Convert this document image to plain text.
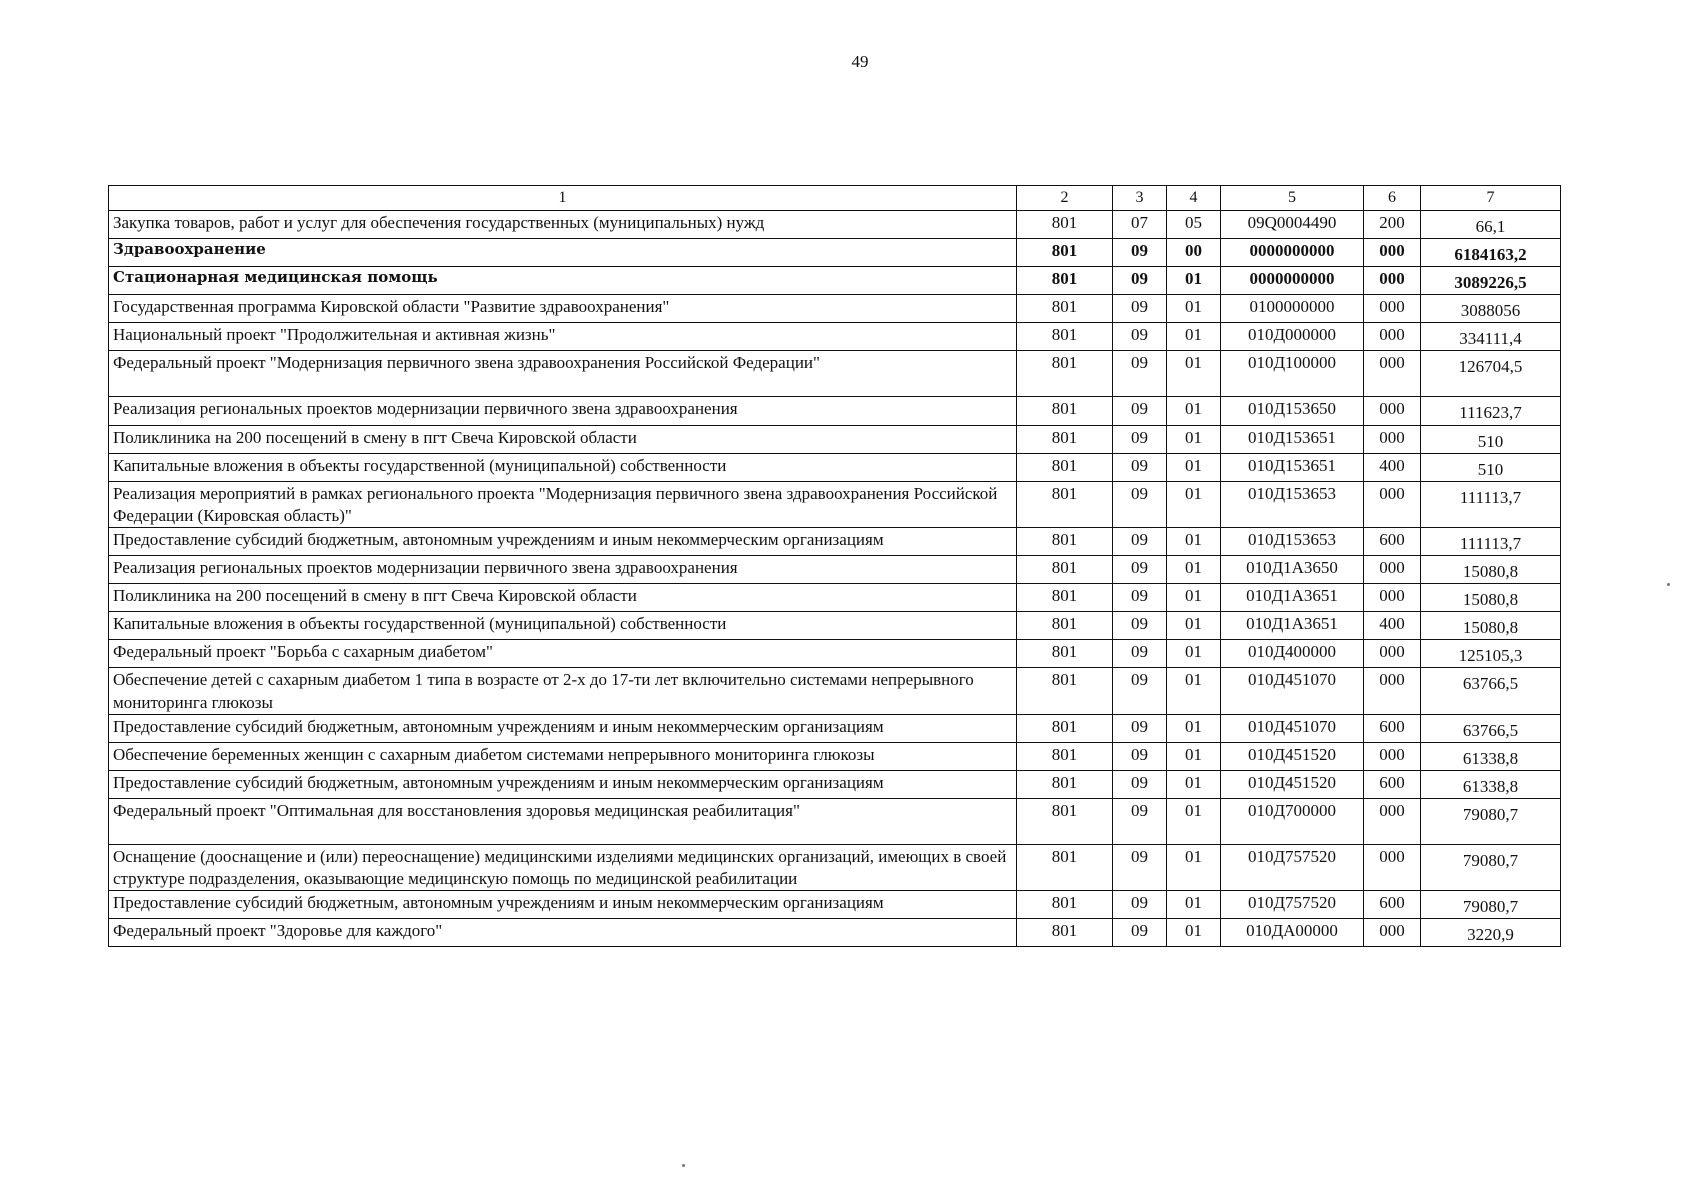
49
1	2	3	4	5	6	7
Закупка товаров, работ и услуг для обеспечения государственных (муниципальных) нужд	801	07	05	09Q0004490	200	66,1
Здравоохранение	801	09	00	0000000000	000	6184163,2
Стационарная медицинская помощь	801	09	01	0000000000	000	3089226,5
Государственная программа Кировской области "Развитие здравоохранения"	801	09	01	0100000000	000	3088056
Национальный проект "Продолжительная и активная жизнь"	801	09	01	010Д000000	000	334111,4
Федеральный проект "Модернизация первичного звена здравоохранения Российской Федерации"	801	09	01	010Д100000	000	126704,5
Реализация региональных проектов модернизации первичного звена здравоохранения	801	09	01	010Д153650	000	111623,7
Поликлиника на 200 посещений в смену в пгт Свеча Кировской области	801	09	01	010Д153651	000	510
Капитальные вложения в объекты государственной (муниципальной) собственности	801	09	01	010Д153651	400	510
Реализация мероприятий в рамках регионального проекта "Модернизация первичного звена здравоохранения Российской Федерации (Кировская область)"	801	09	01	010Д153653	000	111113,7
Предоставление субсидий бюджетным, автономным учреждениям и иным некоммерческим организациям	801	09	01	010Д153653	600	111113,7
Реализация региональных проектов модернизации первичного звена здравоохранения	801	09	01	010Д1А3650	000	15080,8
Поликлиника на 200 посещений в смену в пгт Свеча Кировской области	801	09	01	010Д1А3651	000	15080,8
Капитальные вложения в объекты государственной (муниципальной) собственности	801	09	01	010Д1А3651	400	15080,8
Федеральный проект "Борьба с сахарным диабетом"	801	09	01	010Д400000	000	125105,3
Обеспечение детей с сахарным диабетом 1 типа в возрасте от 2-х до 17-ти лет включительно системами непрерывного мониторинга глюкозы	801	09	01	010Д451070	000	63766,5
Предоставление субсидий бюджетным, автономным учреждениям и иным некоммерческим организациям	801	09	01	010Д451070	600	63766,5
Обеспечение беременных женщин с сахарным диабетом системами непрерывного мониторинга глюкозы	801	09	01	010Д451520	000	61338,8
Предоставление субсидий бюджетным, автономным учреждениям и иным некоммерческим организациям	801	09	01	010Д451520	600	61338,8
Федеральный проект "Оптимальная для восстановления здоровья медицинская реабилитация"	801	09	01	010Д700000	000	79080,7
Оснащение (дооснащение и (или) переоснащение) медицинскими изделиями медицинских организаций, имеющих в своей структуре подразделения, оказывающие медицинскую помощь по медицинской реабилитации	801	09	01	010Д757520	000	79080,7
Предоставление субсидий бюджетным, автономным учреждениям и иным некоммерческим организациям	801	09	01	010Д757520	600	79080,7
Федеральный проект "Здоровье для каждого"	801	09	01	010ДА00000	000	3220,9
